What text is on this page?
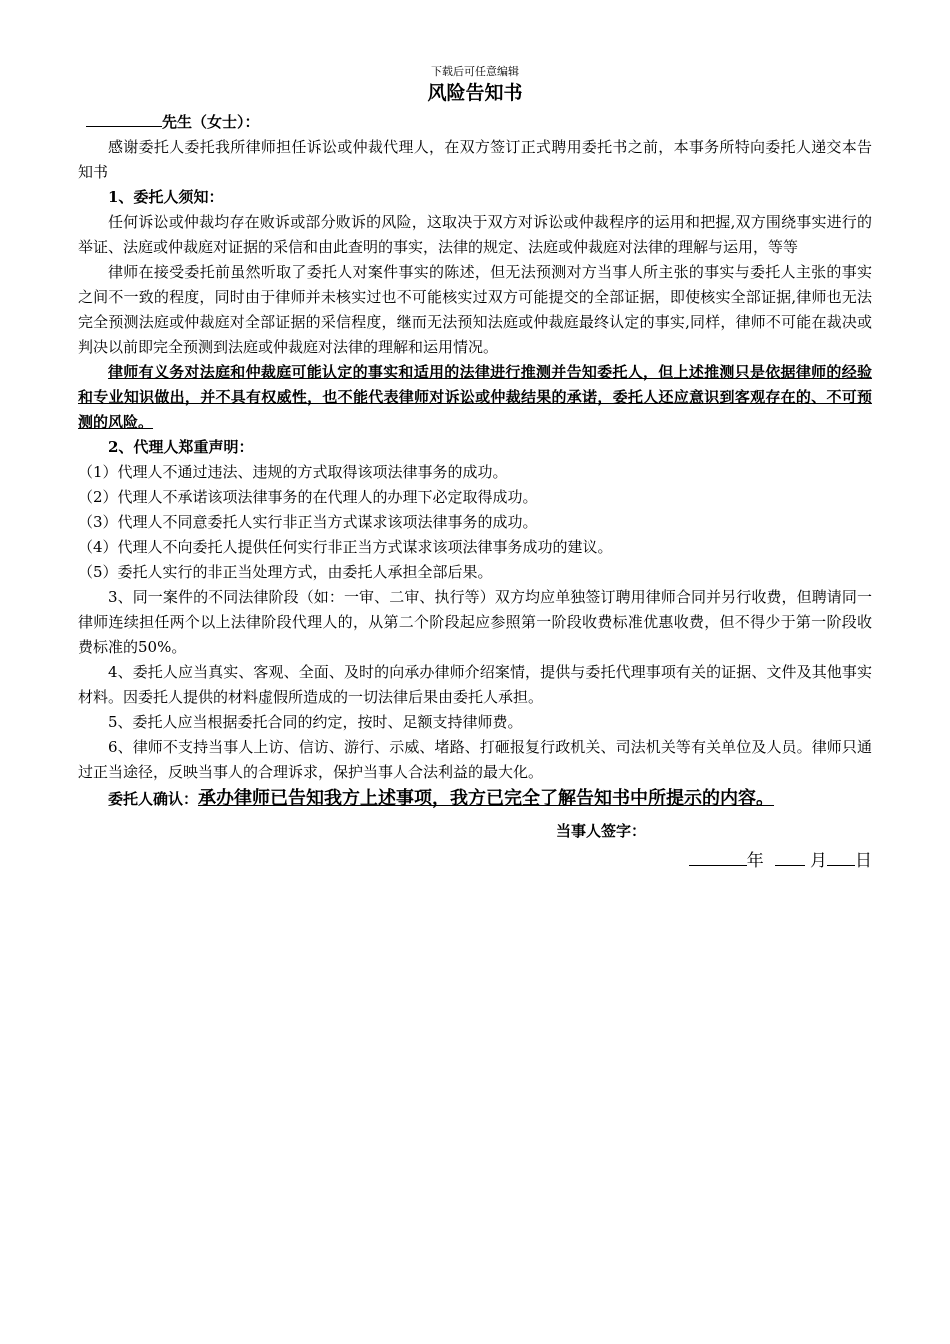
下载后可任意编辑
风险告知书

先生（女士）：

感谢委托人委托我所律师担任诉讼或仲裁代理人，在双方签订正式聘用委托书之前，本事务所特向委托人递交本告知书

1、委托人须知：

任何诉讼或仲裁均存在败诉或部分败诉的风险，这取决于双方对诉讼或仲裁程序的运用和把握,双方围绕事实进行的举证、法庭或仲裁庭对证据的采信和由此查明的事实，法律的规定、法庭或仲裁庭对法律的理解与运用，等等

律师在接受委托前虽然听取了委托人对案件事实的陈述，但无法预测对方当事人所主张的事实与委托人主张的事实之间不一致的程度，同时由于律师并未核实过也不可能核实过双方可能提交的全部证据，即使核实全部证据,律师也无法完全预测法庭或仲裁庭对全部证据的采信程度，继而无法预知法庭或仲裁庭最终认定的事实,同样，律师不可能在裁决或判决以前即完全预测到法庭或仲裁庭对法律的理解和运用情况。

律师有义务对法庭和仲裁庭可能认定的事实和适用的法律进行推测并告知委托人，但上述推测只是依据律师的经验和专业知识做出，并不具有权威性，也不能代表律师对诉讼或仲裁结果的承诺，委托人还应意识到客观存在的、不可预测的风险。

2、代理人郑重声明：

（1）代理人不通过违法、违规的方式取得该项法律事务的成功。

（2）代理人不承诺该项法律事务的在代理人的办理下必定取得成功。

（3）代理人不同意委托人实行非正当方式谋求该项法律事务的成功。

（4）代理人不向委托人提供任何实行非正当方式谋求该项法律事务成功的建议。

（5）委托人实行的非正当处理方式，由委托人承担全部后果。

3、同一案件的不同法律阶段（如：一审、二审、执行等）双方均应单独签订聘用律师合同并另行收费，但聘请同一律师连续担任两个以上法律阶段代理人的，从第二个阶段起应参照第一阶段收费标准优惠收费，但不得少于第一阶段收费标准的50%。

4、委托人应当真实、客观、全面、及时的向承办律师介绍案情，提供与委托代理事项有关的证据、文件及其他事实材料。因委托人提供的材料虚假所造成的一切法律后果由委托人承担。

5、委托人应当根据委托合同的约定，按时、足额支持律师费。

6、律师不支持当事人上访、信访、游行、示威、堵路、打砸报复行政机关、司法机关等有关单位及人员。律师只通过正当途径，反映当事人的合理诉求，保护当事人合法利益的最大化。

委托人确认：承办律师已告知我方上述事项，我方已完全了解告知书中所提示的内容。

当事人签字：

年	月 日
